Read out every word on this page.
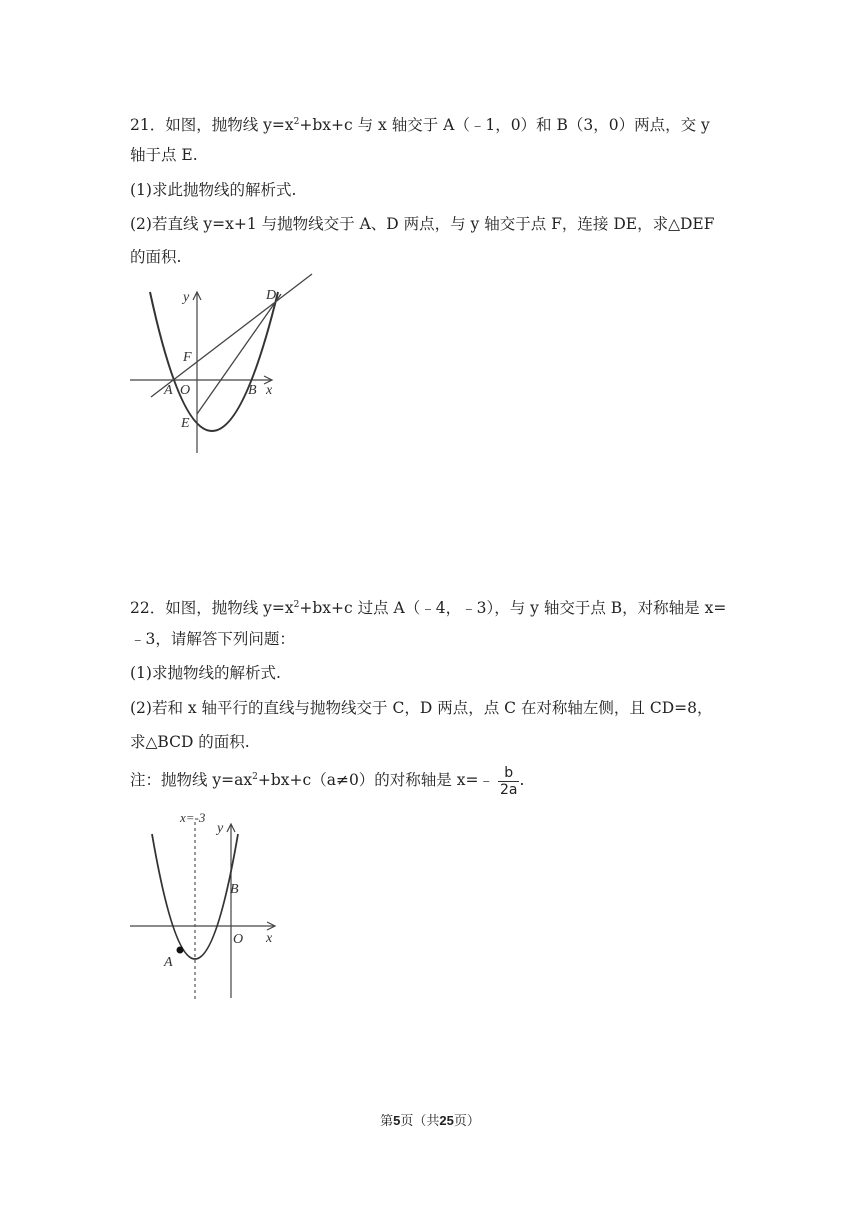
21．如图，抛物线 $y=x^2+bx+c$ 与 x 轴交于 A（﹣1，0）和 B（3，0）两点，交 y
轴于点 E.
(1)求此抛物线的解析式.
(2)若直线 y=x+1 与抛物线交于 A、D 两点，与 y 轴交于点 F，连接 DE，求△DEF
的面积.
y	D
F
A O	B x
E
22．如图，抛物线 $y=x^2+bx+c$ 过点 A（﹣4，﹣3），与 y 轴交于点 B，对称轴是 x=
﹣3，请解答下列问题：
(1)求抛物线的解析式.
(2)若和 x 轴平行的直线与抛物线交于 C，D 两点，点 C 在对称轴左侧，且 CD=8，
求△BCD 的面积.
注：抛物线 $y=ax^2+bx+c(a\ne 0)$的对称轴是 x=﹣ $\frac{b}{2a}$ .
x=-3
y
B
O x
A
第5页（共25页）
